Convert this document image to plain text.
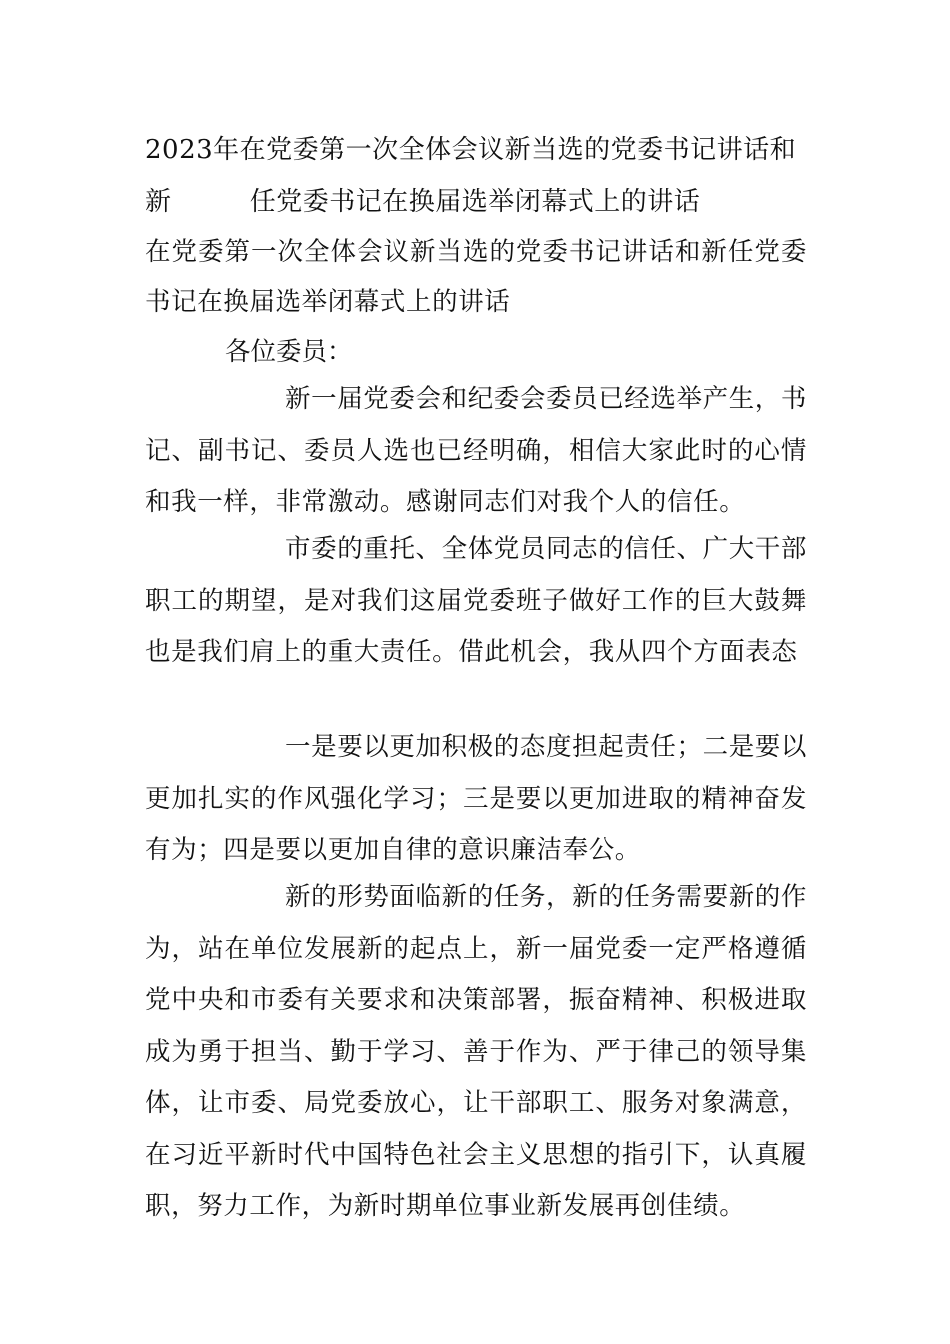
2023年在党委第一次全体会议新当选的党委书记讲话和新	任党委书记在换届选举闭幕式上的讲话
在党委第一次全体会议新当选的党委书记讲话和新任党委书记在换届选举闭幕式上的讲话
各位委员：
新一届党委会和纪委会委员已经选举产生，书记、副书记、委员人选也已经明确，相信大家此时的心情和我一样，非常激动。感谢同志们对我个人的信任。
市委的重托、全体党员同志的信任、广大干部职工的期望，是对我们这届党委班子做好工作的巨大鼓舞也是我们肩上的重大责任。借此机会，我从四个方面表态
一是要以更加积极的态度担起责任；二是要以更加扎实的作风强化学习；三是要以更加进取的精神奋发有为；四是要以更加自律的意识廉洁奉公。
新的形势面临新的任务，新的任务需要新的作为，站在单位发展新的起点上，新一届党委一定严格遵循党中央和市委有关要求和决策部署，振奋精神、积极进取成为勇于担当、勤于学习、善于作为、严于律己的领导集体，让市委、局党委放心，让干部职工、服务对象满意，在习近平新时代中国特色社会主义思想的指引下，认真履职，努力工作，为新时期单位事业新发展再创佳绩。
